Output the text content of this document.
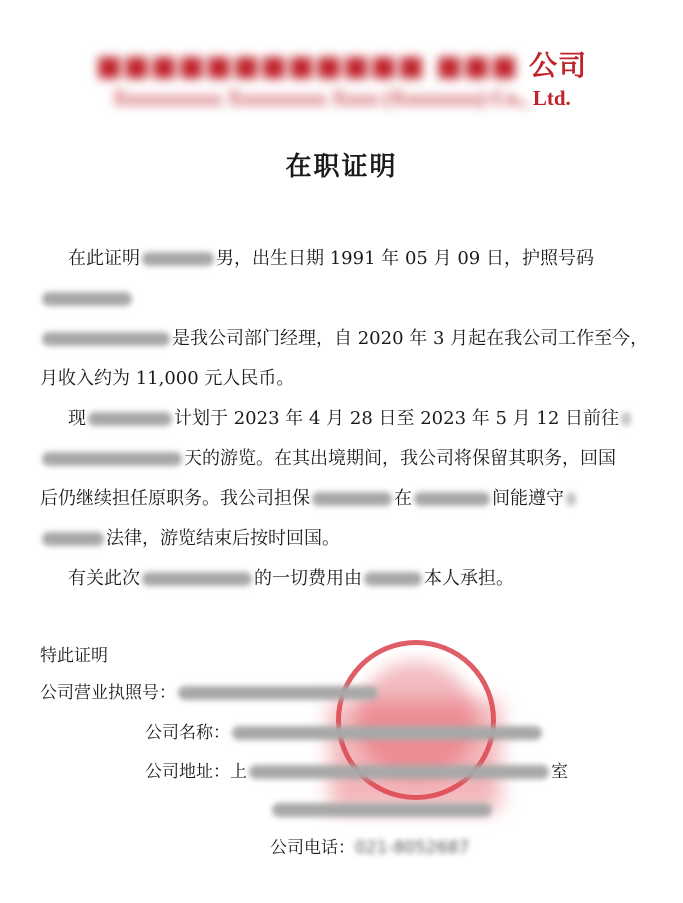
■■■■■■■■■■■■ ■■■ 公司
Xxxxxxxxxx Xxxxxxxxx Xxxx (Xxxxxxxx) Co., Ltd.
在职证明
在此证明	男，出生日期 1991 年 05 月 09 日，护照号码
是我公司部门经理，自 2020 年 3 月起在我公司工作至今，
月收入约为 11,000 元人民币。
现	计划于 2023 年 4 月 28 日至 2023 年 5 月 12 日前往
天的游览。在其出境期间，我公司将保留其职务，回国
后仍继续担任原职务。我公司担保	在	间能遵守
法律，游览结束后按时回国。
有关此次	的一切费用由	本人承担。
特此证明
公司营业执照号：
公司名称：
公司地址：上	室
公司电话：021-8052687
